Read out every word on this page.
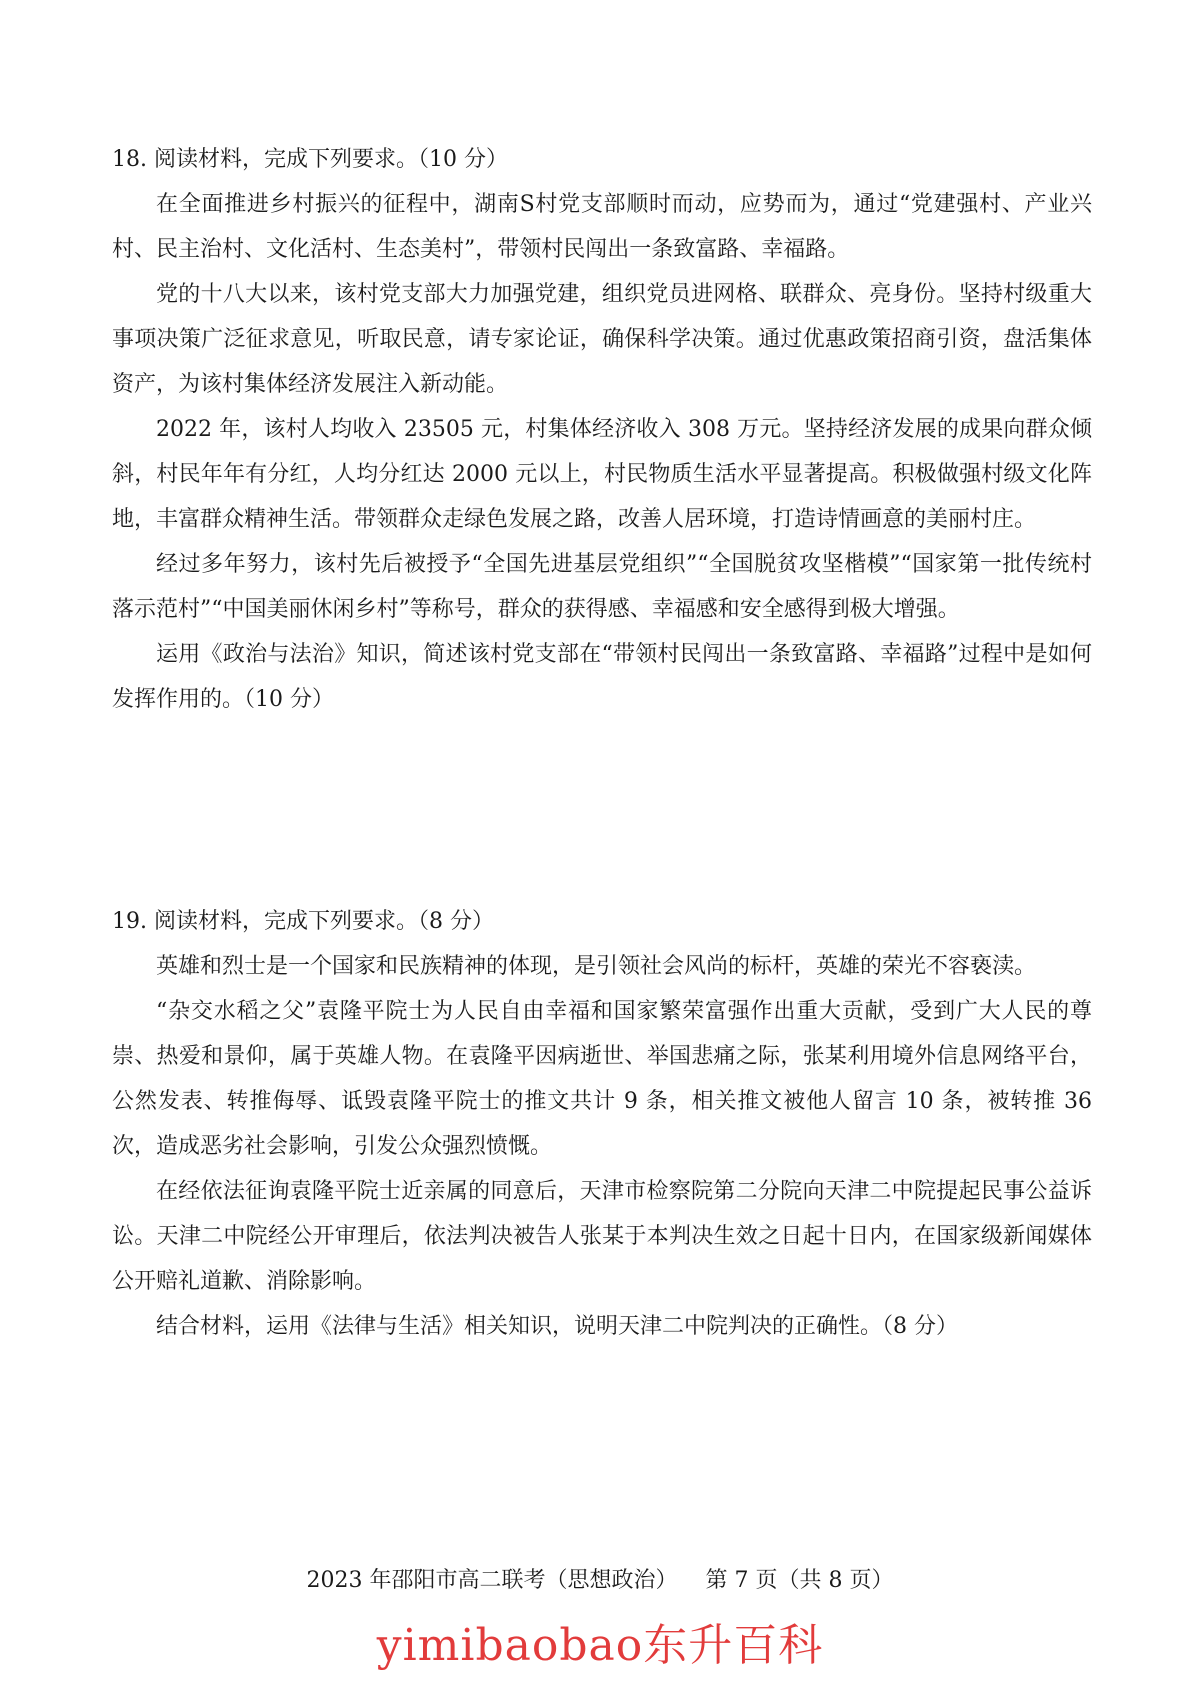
18. 阅读材料，完成下列要求。（10 分）

在全面推进乡村振兴的征程中，湖南S村党支部顺时而动，应势而为，通过“党建强村、产业兴村、民主治村、文化活村、生态美村”，带领村民闯出一条致富路、幸福路。

党的十八大以来，该村党支部大力加强党建，组织党员进网格、联群众、亮身份。坚持村级重大事项决策广泛征求意见，听取民意，请专家论证，确保科学决策。通过优惠政策招商引资，盘活集体资产，为该村集体经济发展注入新动能。

2022 年，该村人均收入 23505 元，村集体经济收入 308 万元。坚持经济发展的成果向群众倾斜，村民年年有分红，人均分红达 2000 元以上，村民物质生活水平显著提高。积极做强村级文化阵地，丰富群众精神生活。带领群众走绿色发展之路，改善人居环境，打造诗情画意的美丽村庄。

经过多年努力，该村先后被授予“全国先进基层党组织”“全国脱贫攻坚楷模”“国家第一批传统村落示范村”“中国美丽休闲乡村”等称号，群众的获得感、幸福感和安全感得到极大增强。

运用《政治与法治》知识，简述该村党支部在“带领村民闯出一条致富路、幸福路”过程中是如何发挥作用的。（10 分）

19. 阅读材料，完成下列要求。（8 分）

英雄和烈士是一个国家和民族精神的体现，是引领社会风尚的标杆，英雄的荣光不容亵渎。

“杂交水稻之父”袁隆平院士为人民自由幸福和国家繁荣富强作出重大贡献，受到广大人民的尊崇、热爱和景仰，属于英雄人物。在袁隆平因病逝世、举国悲痛之际，张某利用境外信息网络平台，公然发表、转推侮辱、诋毁袁隆平院士的推文共计 9 条，相关推文被他人留言 10 条，被转推 36 次，造成恶劣社会影响，引发公众强烈愤慨。

在经依法征询袁隆平院士近亲属的同意后，天津市检察院第二分院向天津二中院提起民事公益诉讼。天津二中院经公开审理后，依法判决被告人张某于本判决生效之日起十日内，在国家级新闻媒体公开赔礼道歉、消除影响。

结合材料，运用《法律与生活》相关知识，说明天津二中院判决的正确性。（8 分）

2023 年邵阳市高二联考（思想政治）    第 7 页（共 8 页）
yimibaobao东升百科
